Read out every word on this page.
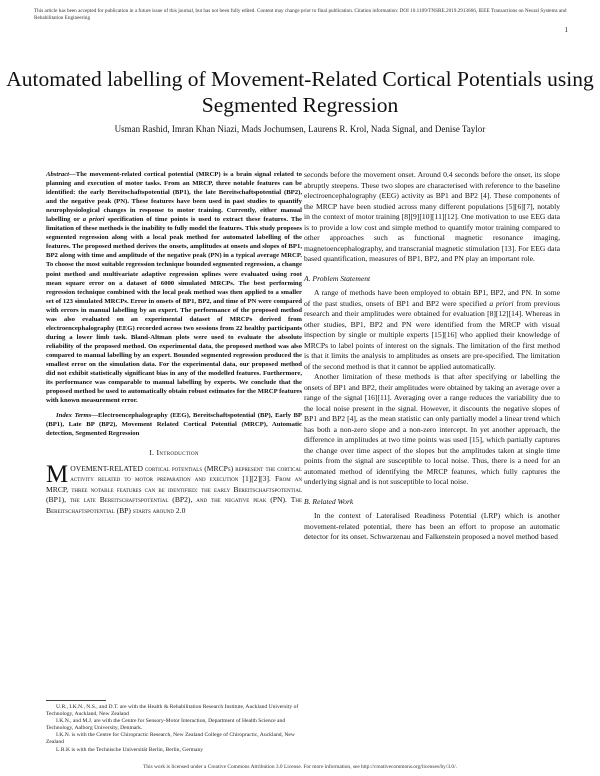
This article has been accepted for publication in a future issue of this journal, but has not been fully edited. Content may change prior to final publication. Citation information: DOI 10.1109/TNSRE.2019.2913666, IEEE Transactions on Neural Systems and Rehabilitation Engineering
1
Automated labelling of Movement-Related Cortical Potentials using Segmented Regression
Usman Rashid, Imran Khan Niazi, Mads Jochumsen, Laurens R. Krol, Nada Signal, and Denise Taylor

Abstract—The movement-related cortical potential (MRCP) is a brain signal related to planning and execution of motor tasks. From an MRCP, three notable features can be identified: the early Bereitschaftspotential (BP1), the late Bereitschaftspotential (BP2), and the negative peak (PN). These features have been used in past studies to quantify neurophysiological changes in response to motor training. Currently, either manual labelling or a priori specification of time points is used to extract these features. The limitation of these methods is the inability to fully model the features. This study proposes segmented regression along with a local peak method for automated labelling of the features. The proposed method derives the onsets, amplitudes at onsets and slopes of BP1, BP2 along with time and amplitude of the negative peak (PN) in a typical average MRCP. To choose the most suitable regression technique bounded segmented regression, a change point method and multivariate adaptive regression splines were evaluated using root mean square error on a dataset of 6000 simulated MRCPs. The best performing regression technique combined with the local peak method was then applied to a smaller set of 123 simulated MRCPs. Error in onsets of BP1, BP2, and time of PN were compared with errors in manual labelling by an expert. The performance of the proposed method was also evaluated on an experimental dataset of MRCPs derived from electroencephalography (EEG) recorded across two sessions from 22 healthy participants during a lower limb task. Bland-Altman plots were used to evaluate the absolute reliability of the proposed method. On experimental data, the proposed method was also compared to manual labelling by an expert. Bounded segmented regression produced the smallest error on the simulation data. For the experimental data, our proposed method did not exhibit statistically significant bias in any of the modelled features. Furthermore, its performance was comparable to manual labelling by experts. We conclude that the proposed method be used to automatically obtain robust estimates for the MRCP features with known measurement error.

Index Terms—Electroencephalography (EEG), Bereitschaftspotential (BP), Early BP (BP1), Late BP (BP2), Movement Related Cortical Potential (MRCP), Automatic detection, Segmented Regression
I. Introduction

MOVEMENT-RELATED cortical potentials (MRCPs) represent the cortical activity related to motor preparation and execution [1][2][3]. From an MRCP, three notable features can be identified: the early Bereitschaftspotential (BP1), the late Bereitschaftspotential (BP2), and the negative peak (PN). The Bereitschaftspotential (BP) starts around 2.0

seconds before the movement onset. Around 0.4 seconds before the onset, its slope abruptly steepens. These two slopes are characterised with reference to the baseline electroencephalography (EEG) activity as BP1 and BP2 [4]. These components of the MRCP have been studied across many different populations [5][6][7], notably in the context of motor training [8][9][10][11][12]. One motivation to use EEG data is to provide a low cost and simple method to quantify motor training compared to other approaches such as functional magnetic resonance imaging, magnetoencephalography, and transcranial magnetic stimulation [13]. For EEG data based quantification, measures of BP1, BP2, and PN play an important role.

A. Problem Statement

A range of methods have been employed to obtain BP1, BP2, and PN. In some of the past studies, onsets of BP1 and BP2 were specified a priori from previous research and their amplitudes were obtained for evaluation [8][12][14]. Whereas in other studies, BP1, BP2 and PN were identified from the MRCP with visual inspection by single or multiple experts [15][16] who applied their knowledge of MRCPs to label points of interest on the signals. The limitation of the first method is that it limits the analysis to amplitudes as onsets are pre-specified. The limitation of the second method is that it cannot be applied automatically.

Another limitation of these methods is that after specifying or labelling the onsets of BP1 and BP2, their amplitudes were obtained by taking an average over a range of the signal [16][11]. Averaging over a range reduces the variability due to the local noise present in the signal. However, it discounts the negative slopes of BP1 and BP2 [4], as the mean statistic can only partially model a linear trend which has both a non-zero slope and a non-zero intercept. In yet another approach, the difference in amplitudes at two time points was used [15], which partially captures the change over time aspect of the slopes but the amplitudes taken at single time points from the signal are susceptible to local noise. Thus, there is a need for an automated method of identifying the MRCP features, which fully captures the underlying signal and is not susceptible to local noise.

B. Related Work

In the context of Lateralised Readiness Potential (LRP) which is another movement-related potential, there has been an effort to propose an automatic detector for its onset. Schwarzenau and Falkenstein proposed a novel method based

U.R., I.K.N., N.S., and D.T. are with the Health & Rehabilitation Research Institute, Auckland University of Technology, Auckland, New Zealand

I.K.N., and M.J. are with the Centre for Sensory-Motor Interaction, Department of Health Science and Technology, Aalborg University, Denmark.

I.K.N. is with the Centre for Chiropractic Research, New Zealand College of Chiropractic, Auckland, New Zealand

L.R.K is with the Technische Universität Berlin, Berlin, Germany

This work is licensed under a Creative Commons Attribution 3.0 License. For more information, see http://creativecommons.org/licenses/by/3.0/.
